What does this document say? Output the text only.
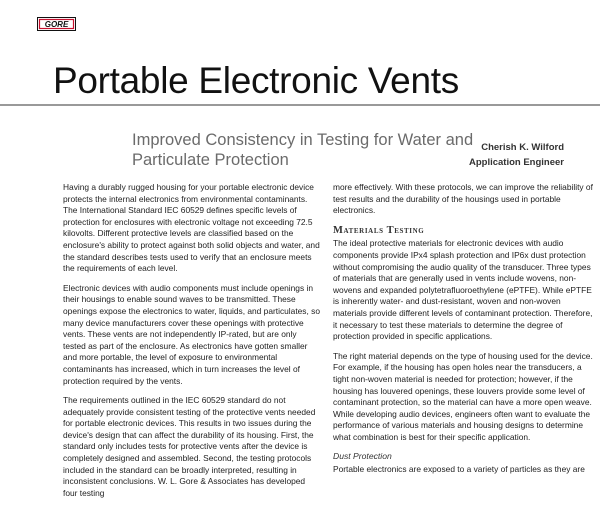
GORE
Portable Electronic Vents
Improved Consistency in Testing for Water and Particulate Protection
Cherish K. Wilford
Application Engineer

Having a durably rugged housing for your portable electronic device protects the internal electronics from environmental contaminants. The International Standard IEC 60529 defines specific levels of protection for enclosures with electronic voltage not exceeding 72.5 kilovolts. Different protective levels are classified based on the enclosure's ability to protect against both solid objects and water, and the standard describes tests used to verify that an enclosure meets the requirements of each level.

Electronic devices with audio components must include openings in their housings to enable sound waves to be transmitted. These openings expose the electronics to water, liquids, and particulates, so many device manufacturers cover these openings with protective vents. These vents are not independently IP-rated, but are only tested as part of the enclosure. As electronics have gotten smaller and more portable, the level of exposure to environmental contaminants has increased, which in turn increases the level of protection required by the vents.

The requirements outlined in the IEC 60529 standard do not adequately provide consistent testing of the protective vents needed for portable electronic devices. This results in two issues during the device's design that can affect the durability of its housing. First, the standard only includes tests for protective vents after the device is completely designed and assembled. Second, the testing protocols included in the standard can be broadly interpreted, resulting in inconsistent conclusions. W. L. Gore & Associates has developed four testing

more effectively. With these protocols, we can improve the reliability of test results and the durability of the housings used in portable electronics.

Materials Testing

The ideal protective materials for electronic devices with audio components provide IPx4 splash protection and IP6x dust protection without compromising the audio quality of the transducer. Three types of materials that are generally used in vents include wovens, non-wovens and expanded polytetrafluoroethylene (ePTFE). While ePTFE is inherently water- and dust-resistant, woven and non-woven materials provide different levels of contaminant protection. Therefore, it necessary to test these materials to determine the degree of protection provided in specific applications.

The right material depends on the type of housing used for the device. For example, if the housing has open holes near the transducers, a tight non-woven material is needed for protection; however, if the housing has louvered openings, these louvers provide some level of contaminant protection, so the material can have a more open weave. While developing audio devices, engineers often want to evaluate the performance of various materials and housing designs to determine what combination is best for their specific application.

Dust Protection

Portable electronics are exposed to a variety of particles as they are
